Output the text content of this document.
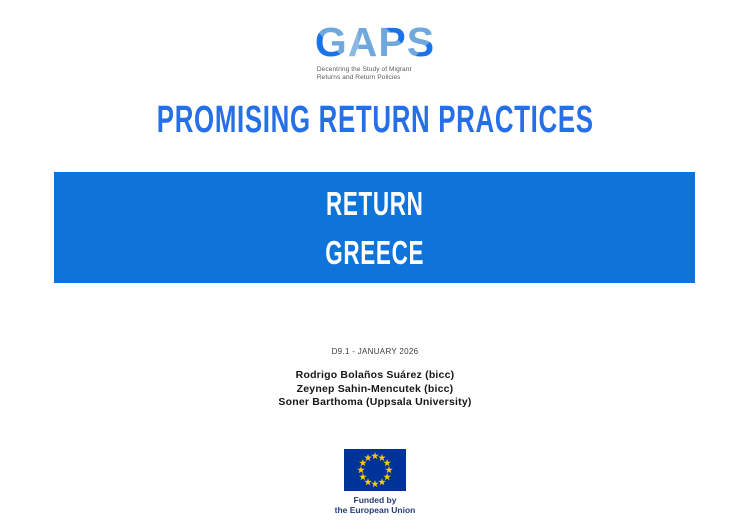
GAPS
Decentring the Study of Migrant
Returns and Return Policies
PROMISING RETURN PRACTICES
RETURN
GREECE
D9.1 - JANUARY 2026
Rodrigo Bolaños Suárez (bicc)
Zeynep Sahin-Mencutek (bicc)
Soner Barthoma (Uppsala University)
Funded by
the European Union
